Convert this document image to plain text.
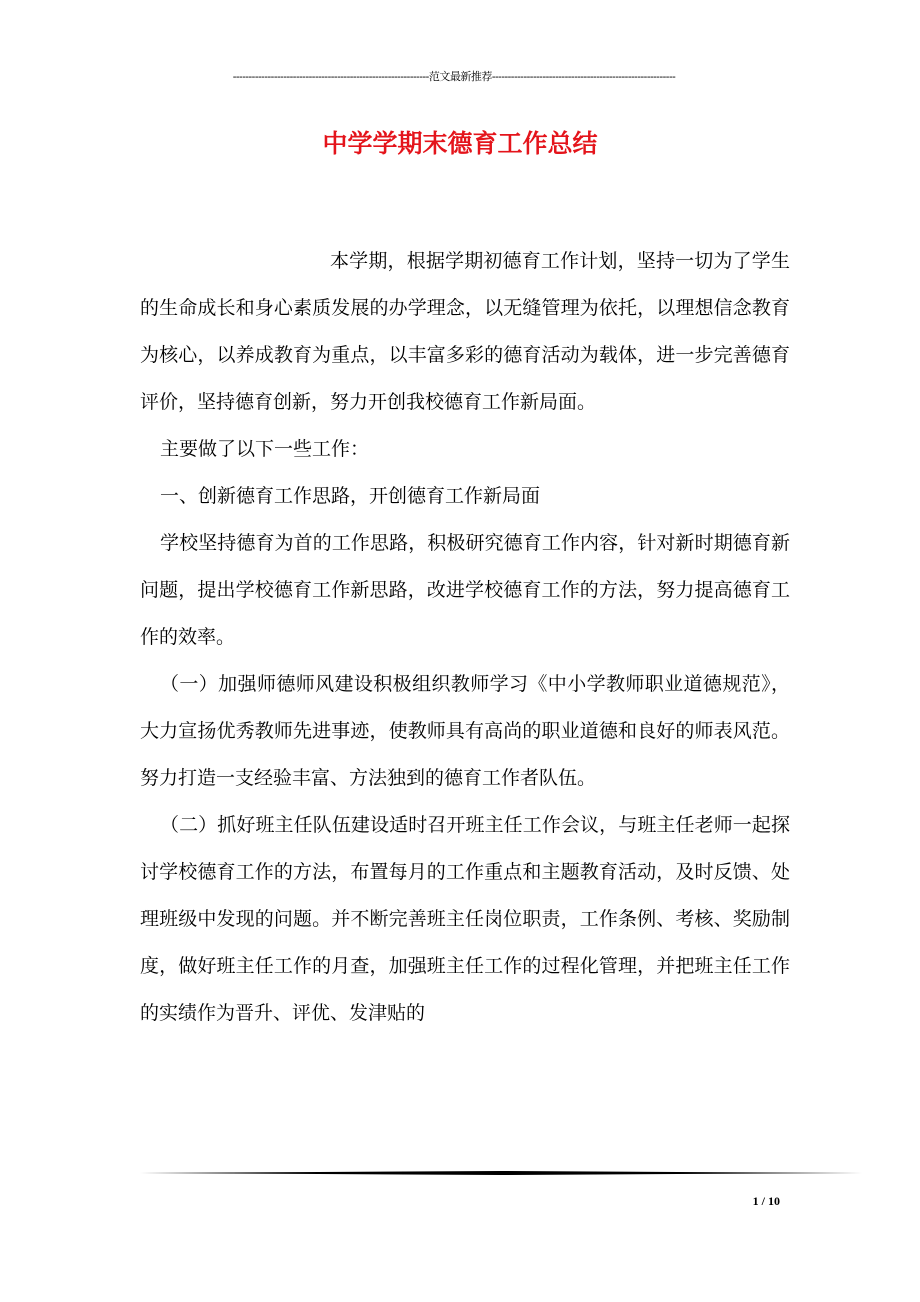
--------------------------------------------------------------范文最新推荐----------------------------------------------------------
中学学期末德育工作总结

本学期，根据学期初德育工作计划，坚持一切为了学生的生命成长和身心素质发展的办学理念，以无缝管理为依托，以理想信念教育为核心，以养成教育为重点，以丰富多彩的德育活动为载体，进一步完善德育评价，坚持德育创新，努力开创我校德育工作新局面。

主要做了以下一些工作：

一、创新德育工作思路，开创德育工作新局面

学校坚持德育为首的工作思路，积极研究德育工作内容，针对新时期德育新问题，提出学校德育工作新思路，改进学校德育工作的方法，努力提高德育工作的效率。

（一）加强师德师风建设积极组织教师学习《中小学教师职业道德规范》，大力宣扬优秀教师先进事迹，使教师具有高尚的职业道德和良好的师表风范。努力打造一支经验丰富、方法独到的德育工作者队伍。

（二）抓好班主任队伍建设适时召开班主任工作会议，与班主任老师一起探讨学校德育工作的方法，布置每月的工作重点和主题教育活动，及时反馈、处理班级中发现的问题。并不断完善班主任岗位职责，工作条例、考核、奖励制度，做好班主任工作的月查，加强班主任工作的过程化管理，并把班主任工作的实绩作为晋升、评优、发津贴的

1 / 10
